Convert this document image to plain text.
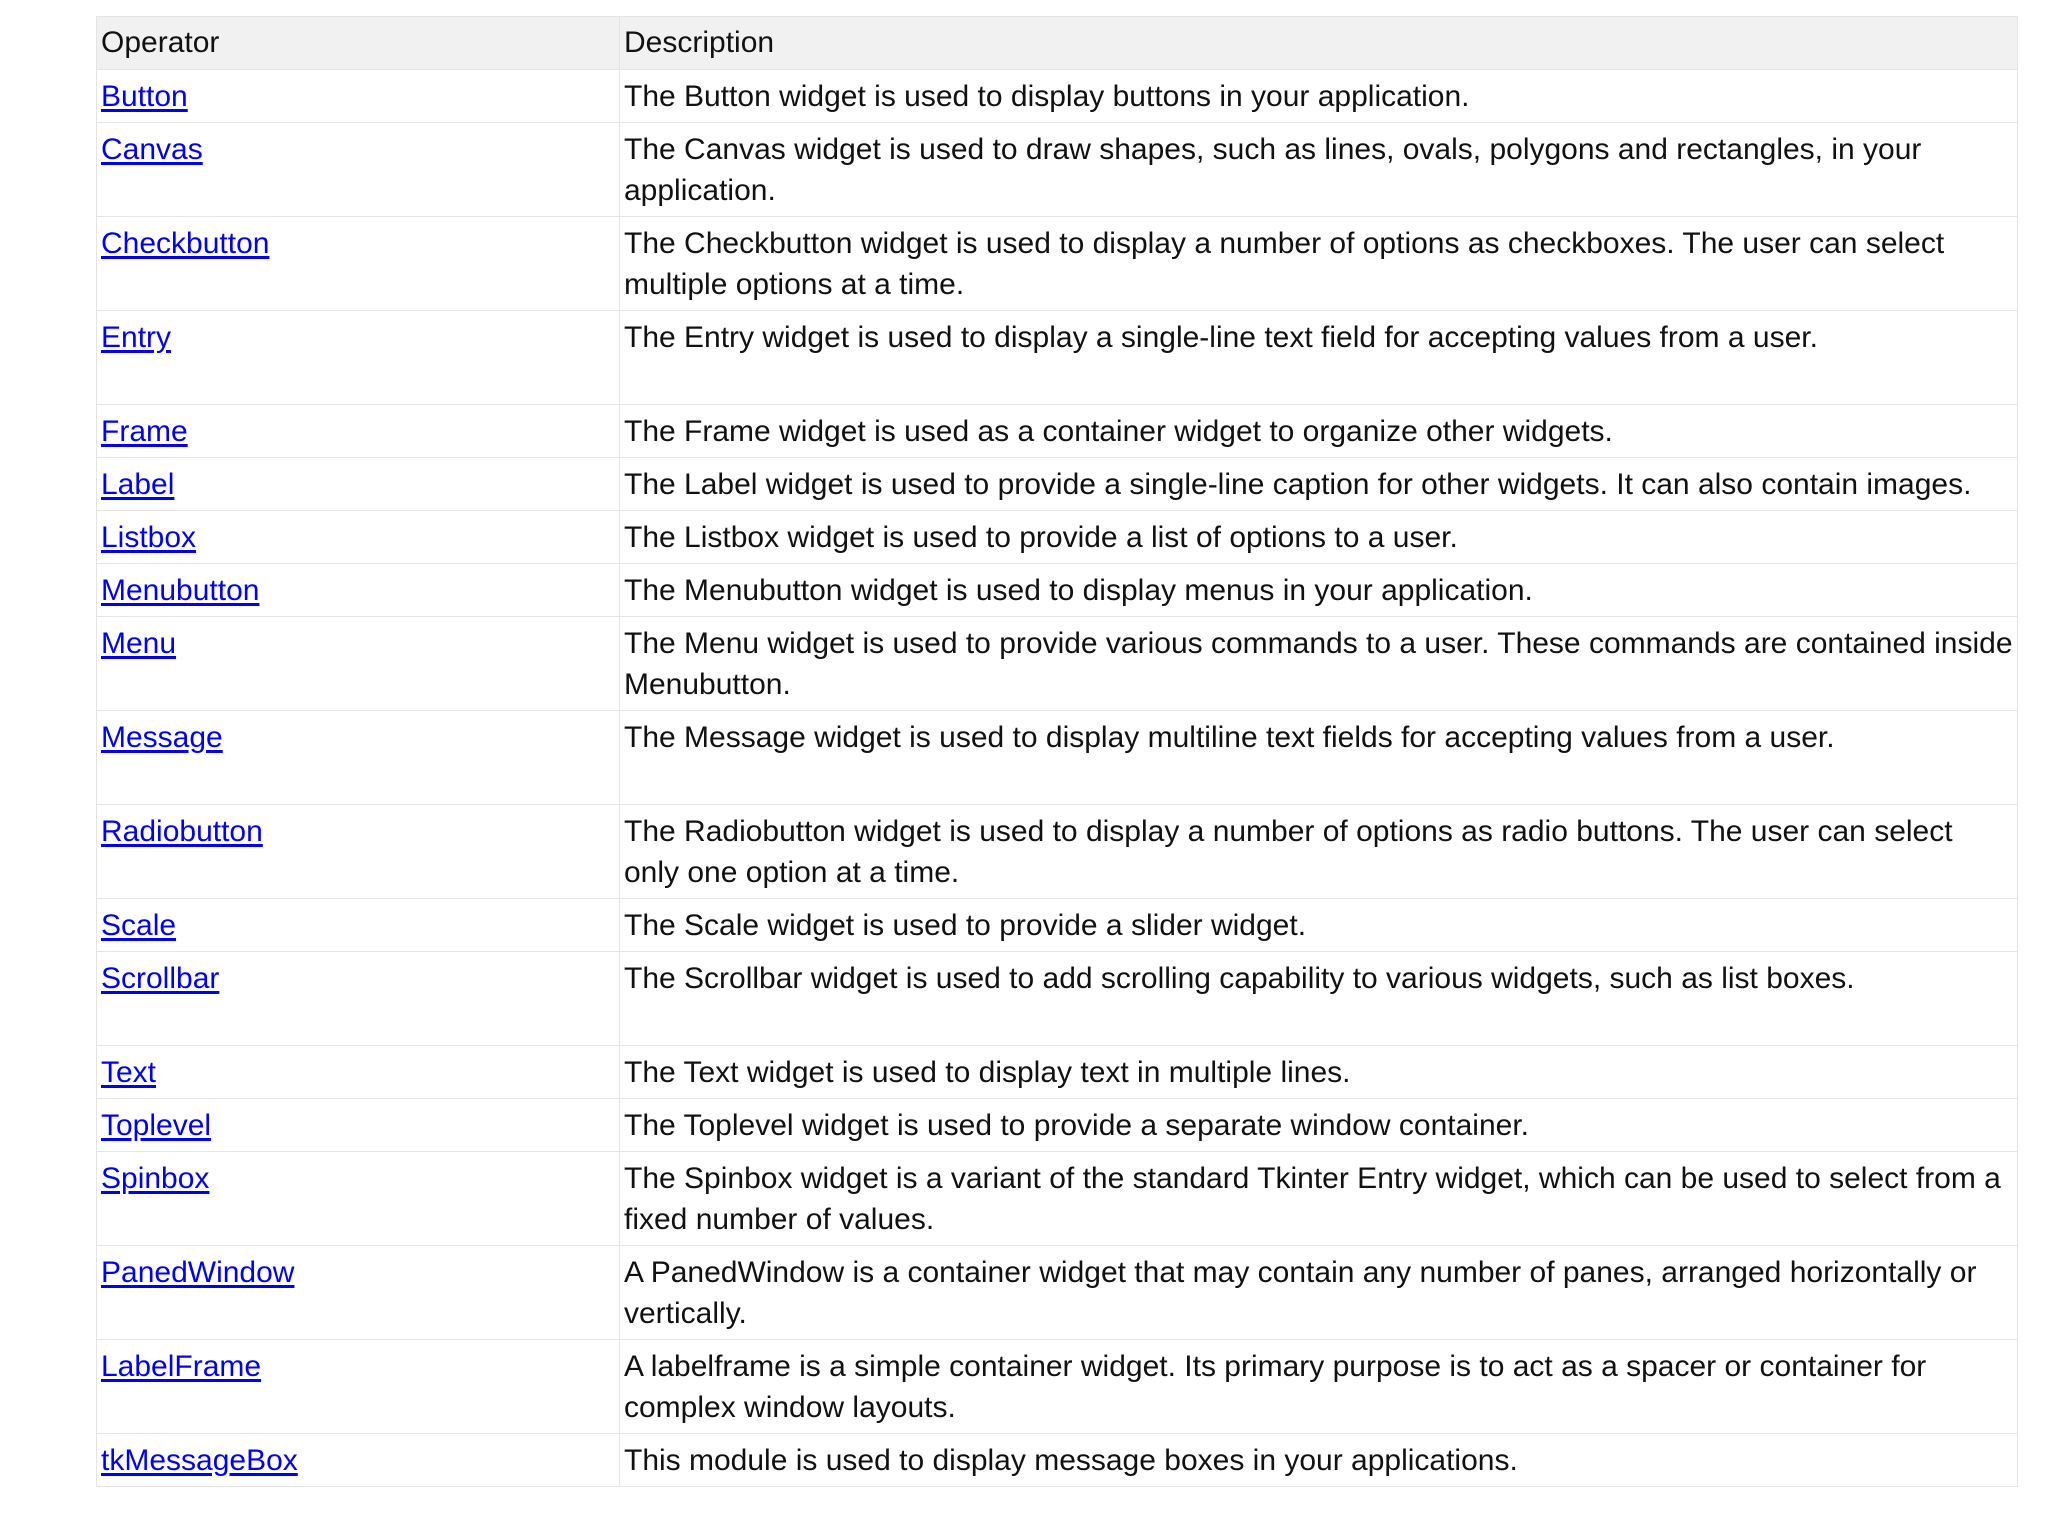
Operator	Description
Button	The Button widget is used to display buttons in your application.
Canvas	The Canvas widget is used to draw shapes, such as lines, ovals, polygons and rectangles, in your application.
Checkbutton	The Checkbutton widget is used to display a number of options as checkboxes. The user can select multiple options at a time.
Entry	The Entry widget is used to display a single-line text field for accepting values from a user.
Frame	The Frame widget is used as a container widget to organize other widgets.
Label	The Label widget is used to provide a single-line caption for other widgets. It can also contain images.
Listbox	The Listbox widget is used to provide a list of options to a user.
Menubutton	The Menubutton widget is used to display menus in your application.
Menu	The Menu widget is used to provide various commands to a user. These commands are contained inside Menubutton.
Message	The Message widget is used to display multiline text fields for accepting values from a user.
Radiobutton	The Radiobutton widget is used to display a number of options as radio buttons. The user can select only one option at a time.
Scale	The Scale widget is used to provide a slider widget.
Scrollbar	The Scrollbar widget is used to add scrolling capability to various widgets, such as list boxes.
Text	The Text widget is used to display text in multiple lines.
Toplevel	The Toplevel widget is used to provide a separate window container.
Spinbox	The Spinbox widget is a variant of the standard Tkinter Entry widget, which can be used to select from a fixed number of values.
PanedWindow	A PanedWindow is a container widget that may contain any number of panes, arranged horizontally or vertically.
LabelFrame	A labelframe is a simple container widget. Its primary purpose is to act as a spacer or container for complex window layouts.
tkMessageBox	This module is used to display message boxes in your applications.
